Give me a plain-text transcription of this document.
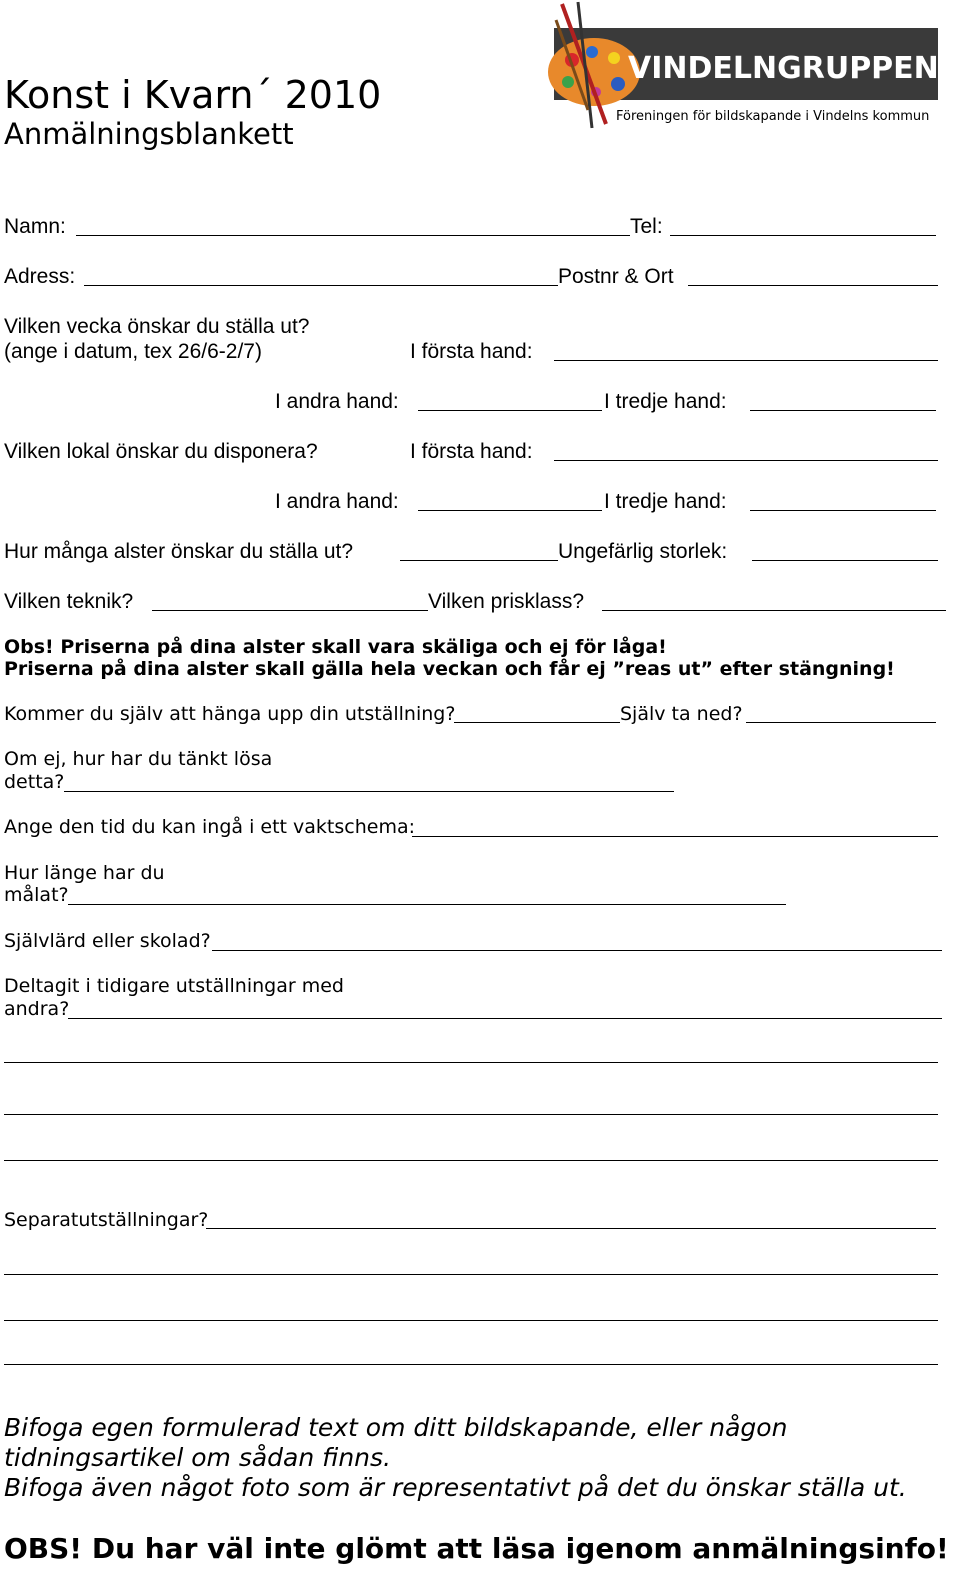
VINDELNGRUPPEN
Föreningen för bildskapande i Vindelns kommun
Konst i Kvarn´ 2010
Anmälningsblankett
Namn:	Tel:
Adress:	Postnr & Ort
Vilken vecka önskar du ställa ut?
(ange i datum, tex 26/6-2/7)	I första hand:
I andra hand:	I tredje hand:
Vilken lokal önskar du disponera?	I första hand:
I andra hand:	I tredje hand:
Hur många alster önskar du ställa ut?	Ungefärlig storlek:
Vilken teknik?	Vilken prisklass?
Obs! Priserna på dina alster skall vara skäliga och ej för låga!
Priserna på dina alster skall gälla hela veckan och får ej ”reas ut” efter stängning!
Kommer du själv att hänga upp din utställning?	Själv ta ned?
Om ej, hur har du tänkt lösa
detta?
Ange den tid du kan ingå i ett vaktschema:
Hur länge har du
målat?
Självlärd eller skolad?
Deltagit i tidigare utställningar med
andra?
Separatutställningar?
Bifoga egen formulerad text om ditt bildskapande, eller någon
tidningsartikel om sådan finns.
Bifoga även något foto som är representativt på det du önskar ställa ut.
OBS! Du har väl inte glömt att läsa igenom anmälningsinfo!
